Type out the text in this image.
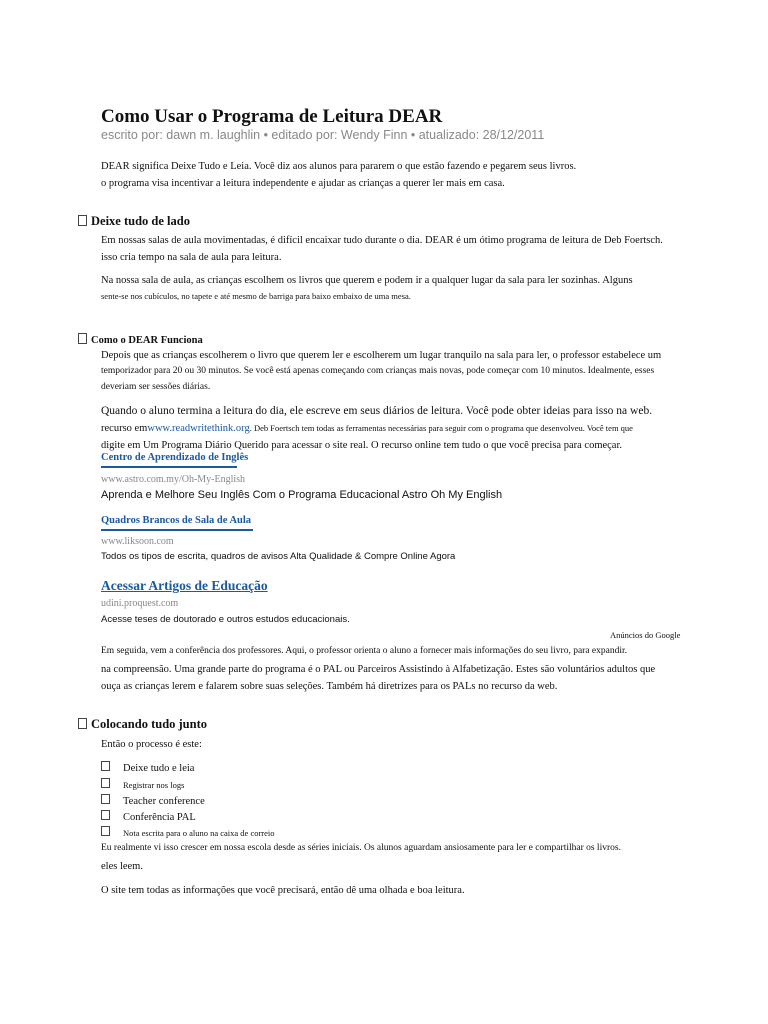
Como Usar o Programa de Leitura DEAR
escrito por: dawn m. laughlin • editado por: Wendy Finn • atualizado: 28/12/2011
DEAR significa Deixe Tudo e Leia. Você diz aos alunos para pararem o que estão fazendo e pegarem seus livros.
o programa visa incentivar a leitura independente e ajudar as crianças a querer ler mais em casa.
Deixe tudo de lado
Em nossas salas de aula movimentadas, é difícil encaixar tudo durante o dia. DEAR é um ótimo programa de leitura de Deb Foertsch.
isso cria tempo na sala de aula para leitura.
Na nossa sala de aula, as crianças escolhem os livros que querem e podem ir a qualquer lugar da sala para ler sozinhas. Alguns
sente-se nos cubículos, no tapete e até mesmo de barriga para baixo embaixo de uma mesa.
Como o DEAR Funciona
Depois que as crianças escolherem o livro que querem ler e escolherem um lugar tranquilo na sala para ler, o professor estabelece um
temporizador para 20 ou 30 minutos. Se você está apenas começando com crianças mais novas, pode começar com 10 minutos. Idealmente, esses
deveriam ser sessões diárias.
Quando o aluno termina a leitura do dia, ele escreve em seus diários de leitura. Você pode obter ideias para isso na web.
recurso emwww.readwritethink.org. Deb Foertsch tem todas as ferramentas necessárias para seguir com o programa que desenvolveu. Você tem que
digite em Um Programa Diário Querido para acessar o site real. O recurso online tem tudo o que você precisa para começar.
Centro de Aprendizado de Inglês
www.astro.com.my/Oh-My-English
Aprenda e Melhore Seu Inglês Com o Programa Educacional Astro Oh My English
Quadros Brancos de Sala de Aula
www.liksoon.com
Todos os tipos de escrita, quadros de avisos Alta Qualidade & Compre Online Agora
Acessar Artigos de Educação
udini.proquest.com
Acesse teses de doutorado e outros estudos educacionais.
Anúncios do Google
Em seguida, vem a conferência dos professores. Aqui, o professor orienta o aluno a fornecer mais informações do seu livro, para expandir.
na compreensão. Uma grande parte do programa é o PAL ou Parceiros Assistindo à Alfabetização. Estes são voluntários adultos que
ouça as crianças lerem e falarem sobre suas seleções. Também há diretrizes para os PALs no recurso da web.
Colocando tudo junto
Então o processo é este:
Deixe tudo e leia
Registrar nos logs
Teacher conference
Conferência PAL
Nota escrita para o aluno na caixa de correio
Eu realmente vi isso crescer em nossa escola desde as séries iniciais. Os alunos aguardam ansiosamente para ler e compartilhar os livros.
eles leem.
O site tem todas as informações que você precisará, então dê uma olhada e boa leitura.
